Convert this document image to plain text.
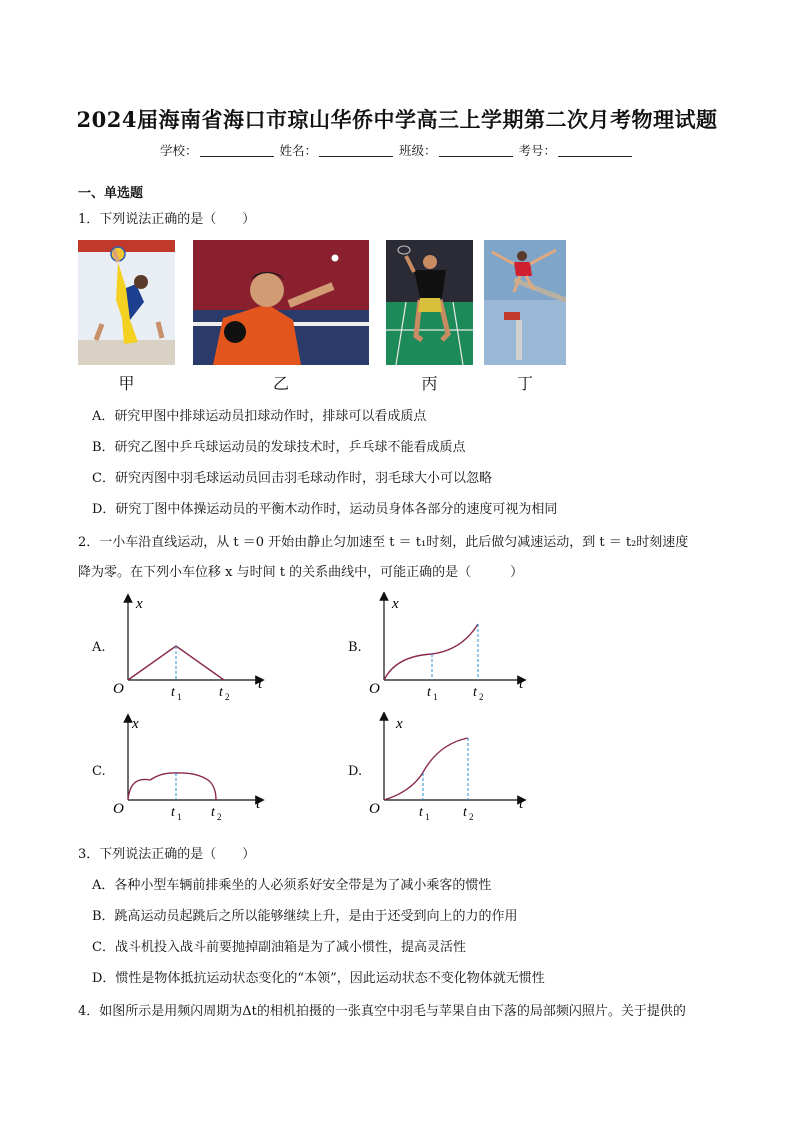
2024届海南省海口市琼山华侨中学高三上学期第二次月考物理试题
学校：	姓名：	班级：	考号：
一、单选题
1．下列说法正确的是（　　）
甲	乙	丙	丁
A．研究甲图中排球运动员扣球动作时，排球可以看成质点
B．研究乙图中乒乓球运动员的发球技术时，乒乓球不能看成质点
C．研究丙图中羽毛球运动员回击羽毛球动作时，羽毛球大小可以忽略
D．研究丁图中体操运动员的平衡木动作时，运动员身体各部分的速度可视为相同
2．一小车沿直线运动，从 t ＝0 开始由静止匀加速至 t ＝ t₁时刻，此后做匀减速运动，到 t ＝ t₂时刻速度
降为零。在下列小车位移 x 与时间 t 的关系曲线中，可能正确的是（　　　）
A.	B.
C.	D.
x
O	t
t 1	t 2
x
O	t
t 1	t 2
x
O	t
t 1 t 2
x
O	t
t 1 t 2
3．下列说法正确的是（　　）
A．各种小型车辆前排乘坐的人必须系好安全带是为了减小乘客的惯性
B．跳高运动员起跳后之所以能够继续上升，是由于还受到向上的力的作用
C．战斗机投入战斗前要抛掉副油箱是为了减小惯性，提高灵活性
D．惯性是物体抵抗运动状态变化的“本领”，因此运动状态不变化物体就无惯性
4．如图所示是用频闪周期为Δt的相机拍摄的一张真空中羽毛与苹果自由下落的局部频闪照片。关于提供的
